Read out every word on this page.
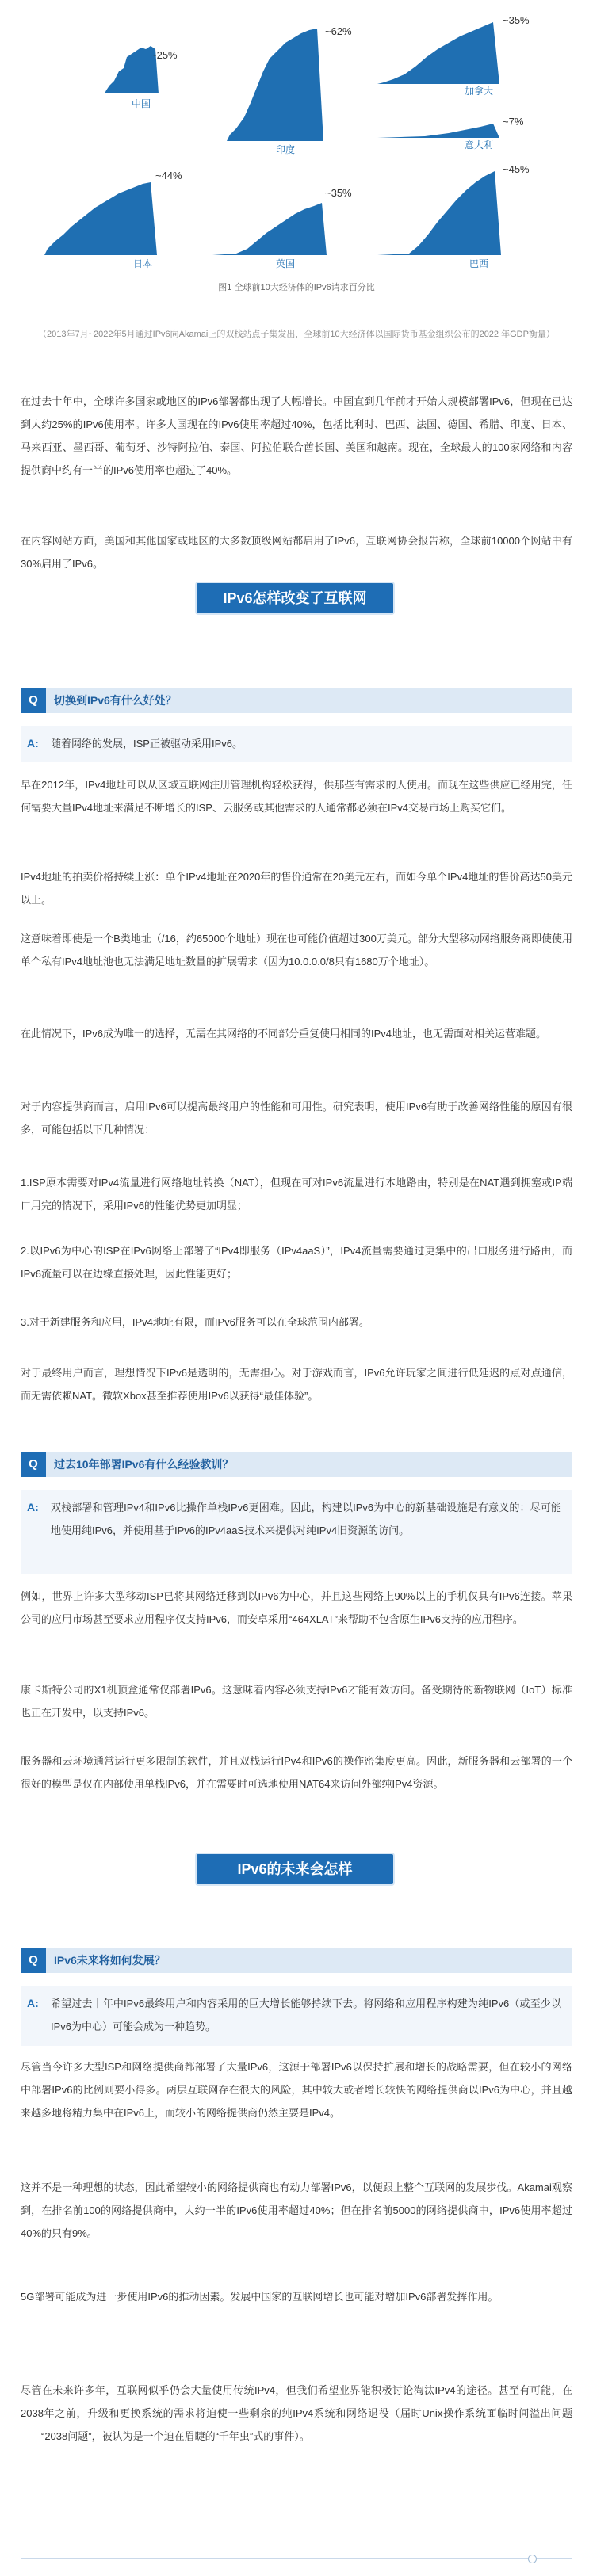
~25%
中国
~62%
印度
~35%
加拿大
~7%
意大利
~44%
日本
~35%
英国
~45%
巴西
图1 全球前10大经济体的IPv6请求百分比
（2013年7月~2022年5月通过IPv6向Akamai上的双栈站点子集发出，全球前10大经济体以国际货币基金组织公布的2022 年GDP衡量）
在过去十年中，全球许多国家或地区的IPv6部署都出现了大幅增长。中国直到几年前才开始大规模部署IPv6，但现在已达到大约25%的IPv6使用率。许多大国现在的IPv6使用率超过40%，包括比利时、巴西、法国、德国、希腊、印度、日本、马来西亚、墨西哥、葡萄牙、沙特阿拉伯、泰国、阿拉伯联合酋长国、美国和越南。现在，全球最大的100家网络和内容提供商中约有一半的IPv6使用率也超过了40%。
在内容网站方面，美国和其他国家或地区的大多数顶级网站都启用了IPv6，互联网协会报告称，全球前10000个网站中有30%启用了IPv6。
IPv6怎样改变了互联网
Q	切换到IPv6有什么好处？
A: 随着网络的发展，ISP正被驱动采用IPv6。
早在2012年，IPv4地址可以从区域互联网注册管理机构轻松获得，供那些有需求的人使用。而现在这些供应已经用完，任何需要大量IPv4地址来满足不断增长的ISP、云服务或其他需求的人通常都必须在IPv4交易市场上购买它们。
IPv4地址的拍卖价格持续上涨：单个IPv4地址在2020年的售价通常在20美元左右，而如今单个IPv4地址的售价高达50美元以上。
这意味着即使是一个B类地址（/16，约65000个地址）现在也可能价值超过300万美元。部分大型移动网络服务商即使使用单个私有IPv4地址池也无法满足地址数量的扩展需求（因为10.0.0.0/8只有1680万个地址）。
在此情况下，IPv6成为唯一的选择，无需在其网络的不同部分重复使用相同的IPv4地址，也无需面对相关运营难题。
对于内容提供商而言，启用IPv6可以提高最终用户的性能和可用性。研究表明，使用IPv6有助于改善网络性能的原因有很多，可能包括以下几种情况：
1.ISP原本需要对IPv4流量进行网络地址转换（NAT），但现在可对IPv6流量进行本地路由，特别是在NAT遇到拥塞或IP端口用完的情况下，采用IPv6的性能优势更加明显；
2.以IPv6为中心的ISP在IPv6网络上部署了“IPv4即服务（IPv4aaS）”，IPv4流量需要通过更集中的出口服务进行路由，而IPv6流量可以在边缘直接处理，因此性能更好；
3.对于新建服务和应用，IPv4地址有限，而IPv6服务可以在全球范围内部署。
对于最终用户而言，理想情况下IPv6是透明的，无需担心。对于游戏而言，IPv6允许玩家之间进行低延迟的点对点通信，而无需依赖NAT。微软Xbox甚至推荐使用IPv6以获得“最佳体验”。
Q	过去10年部署IPv6有什么经验教训？
A: 双栈部署和管理IPv4和IPv6比操作单栈IPv6更困难。因此，构建以IPv6为中心的新基础设施是有意义的：尽可能地使用纯IPv6，并使用基于IPv6的IPv4aaS技术来提供对纯IPv4旧资源的访问。
例如，世界上许多大型移动ISP已将其网络迁移到以IPv6为中心，并且这些网络上90%以上的手机仅具有IPv6连接。苹果公司的应用市场甚至要求应用程序仅支持IPv6，而安卓采用“464XLAT”来帮助不包含原生IPv6支持的应用程序。
康卡斯特公司的X1机顶盒通常仅部署IPv6。这意味着内容必须支持IPv6才能有效访问。备受期待的新物联网（IoT）标准也正在开发中，以支持IPv6。
服务器和云环境通常运行更多限制的软件，并且双栈运行IPv4和IPv6的操作密集度更高。因此，新服务器和云部署的一个很好的模型是仅在内部使用单栈IPv6，并在需要时可选地使用NAT64来访问外部纯IPv4资源。
IPv6的未来会怎样
Q	IPv6未来将如何发展？
A: 希望过去十年中IPv6最终用户和内容采用的巨大增长能够持续下去。将网络和应用程序构建为纯IPv6（或至少以IPv6为中心）可能会成为一种趋势。
尽管当今许多大型ISP和网络提供商都部署了大量IPv6，这源于部署IPv6以保持扩展和增长的战略需要，但在较小的网络中部署IPv6的比例则要小得多。两层互联网存在很大的风险，其中较大或者增长较快的网络提供商以IPv6为中心，并且越来越多地将精力集中在IPv6上，而较小的网络提供商仍然主要是IPv4。
这并不是一种理想的状态，因此希望较小的网络提供商也有动力部署IPv6，以便跟上整个互联网的发展步伐。Akamai观察到，在排名前100的网络提供商中，大约一半的IPv6使用率超过40%；但在排名前5000的网络提供商中，IPv6使用率超过40%的只有9%。
5G部署可能成为进一步使用IPv6的推动因素。发展中国家的互联网增长也可能对增加IPv6部署发挥作用。
尽管在未来许多年，互联网似乎仍会大量使用传统IPv4，但我们希望业界能积极讨论淘汰IPv4的途径。甚至有可能，在2038年之前，升级和更换系统的需求将迫使一些剩余的纯IPv4系统和网络退役（届时Unix操作系统面临时间溢出问题——“2038问题”，被认为是一个迫在眉睫的“千年虫”式的事件）。
